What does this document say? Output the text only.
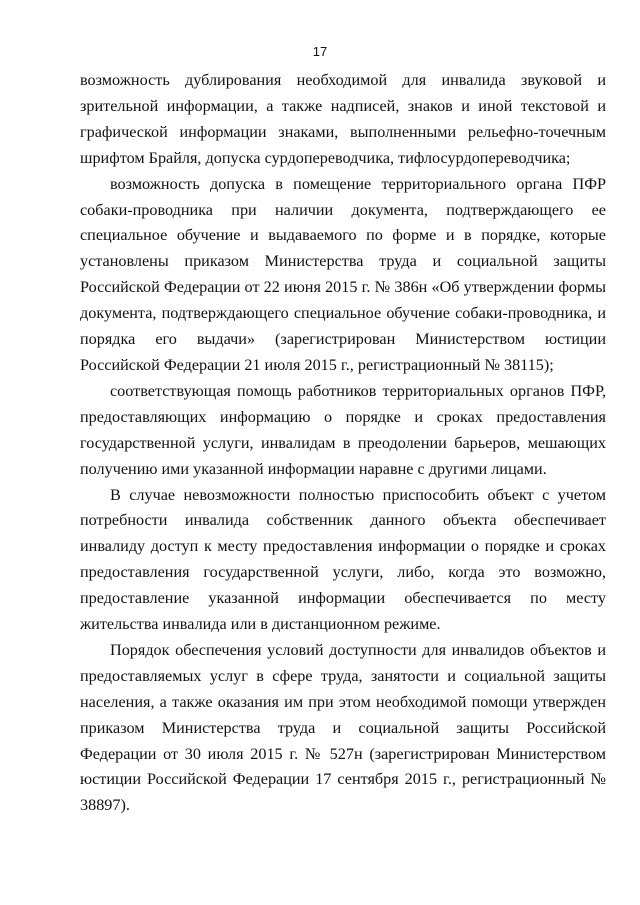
17

возможность дублирования необходимой для инвалида звуковой и зрительной информации, а также надписей, знаков и иной текстовой и графической информации знаками, выполненными рельефно-точечным шрифтом Брайля, допуска сурдопереводчика, тифлосурдопереводчика;

возможность допуска в помещение территориального органа ПФР собаки-проводника при наличии документа, подтверждающего ее специальное обучение и выдаваемого по форме и в порядке, которые установлены приказом Министерства труда и социальной защиты Российской Федерации от 22 июня 2015 г. № 386н «Об утверждении формы документа, подтверждающего специальное обучение собаки-проводника, и порядка его выдачи» (зарегистрирован Министерством юстиции Российской Федерации 21 июля 2015 г., регистрационный № 38115);

соответствующая помощь работников территориальных органов ПФР, предоставляющих информацию о порядке и сроках предоставления государственной услуги, инвалидам в преодолении барьеров, мешающих получению ими указанной информации наравне с другими лицами.

В случае невозможности полностью приспособить объект с учетом потребности инвалида собственник данного объекта обеспечивает инвалиду доступ к месту предоставления информации о порядке и сроках предоставления государственной услуги, либо, когда это возможно, предоставление указанной информации обеспечивается по месту жительства инвалида или в дистанционном режиме.

Порядок обеспечения условий доступности для инвалидов объектов и предоставляемых услуг в сфере труда, занятости и социальной защиты населения, а также оказания им при этом необходимой помощи утвержден приказом Министерства труда и социальной защиты Российской Федерации от 30 июля 2015 г. № 527н (зарегистрирован Министерством юстиции Российской Федерации 17 сентября 2015 г., регистрационный № 38897).
